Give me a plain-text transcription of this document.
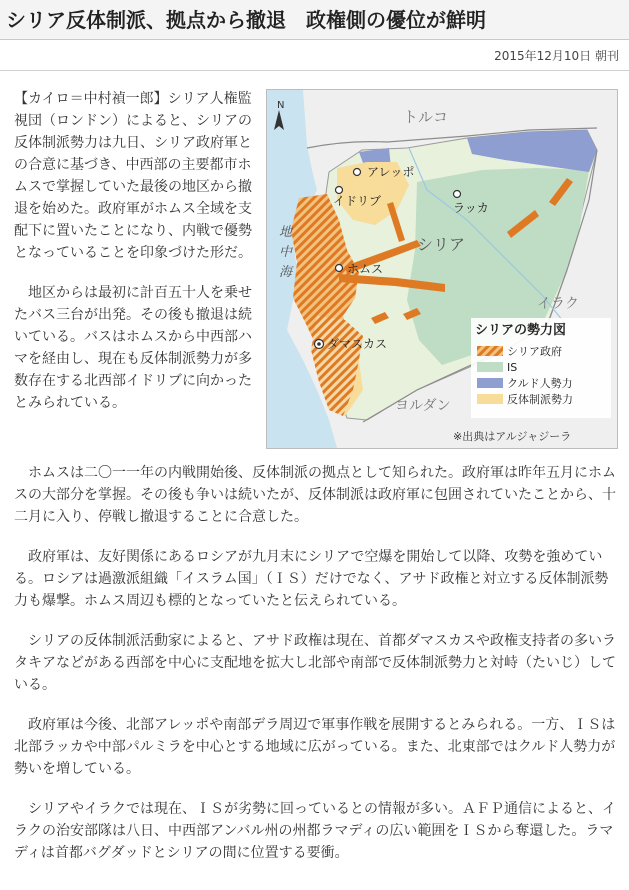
シリア反体制派、拠点から撤退　政権側の優位が鮮明
2015年12月10日 朝刊

【カイロ＝中村禎一郎】シリア人権監視団（ロンドン）によると、シリアの反体制派勢力は九日、シリア政府軍との合意に基づき、中西部の主要都市ホムスで掌握していた最後の地区から撤退を始めた。政府軍がホムス全域を支配下に置いたことになり、内戦で優勢となっていることを印象づけた形だ。

地区からは最初に計百五十人を乗せたバス三台が出発。その後も撤退は続いている。バスはホムスから中西部ハマを経由し、現在も反体制派勢力が多数存在する北西部イドリブに向かったとみられている。

N
トルコ
シリア
イラク
ヨルダン
地
中
海
アレッポ
イドリブ	ラッカ
ホムス
ダマスカス
シリアの勢力図
シリア政府
IS
クルド人勢力
反体制派勢力
※出典はアルジャジーラ

ホムスは二〇一一年の内戦開始後、反体制派の拠点として知られた。政府軍は昨年五月にホムスの大部分を掌握。その後も争いは続いたが、反体制派は政府軍に包囲されていたことから、十二月に入り、停戦し撤退することに合意した。

政府軍は、友好関係にあるロシアが九月末にシリアで空爆を開始して以降、攻勢を強めている。ロシアは過激派組織「イスラム国」（ＩＳ）だけでなく、アサド政権と対立する反体制派勢力も爆撃。ホムス周辺も標的となっていたと伝えられている。

シリアの反体制派活動家によると、アサド政権は現在、首都ダマスカスや政権支持者の多いラタキアなどがある西部を中心に支配地を拡大し北部や南部で反体制派勢力と対峙（たいじ）している。

政府軍は今後、北部アレッポや南部デラ周辺で軍事作戦を展開するとみられる。一方、ＩＳは北部ラッカや中部パルミラを中心とする地域に広がっている。また、北東部ではクルド人勢力が勢いを増している。

シリアやイラクでは現在、ＩＳが劣勢に回っているとの情報が多い。ＡＦＰ通信によると、イラクの治安部隊は八日、中西部アンバル州の州都ラマディの広い範囲をＩＳから奪還した。ラマディは首都バグダッドとシリアの間に位置する要衝。
